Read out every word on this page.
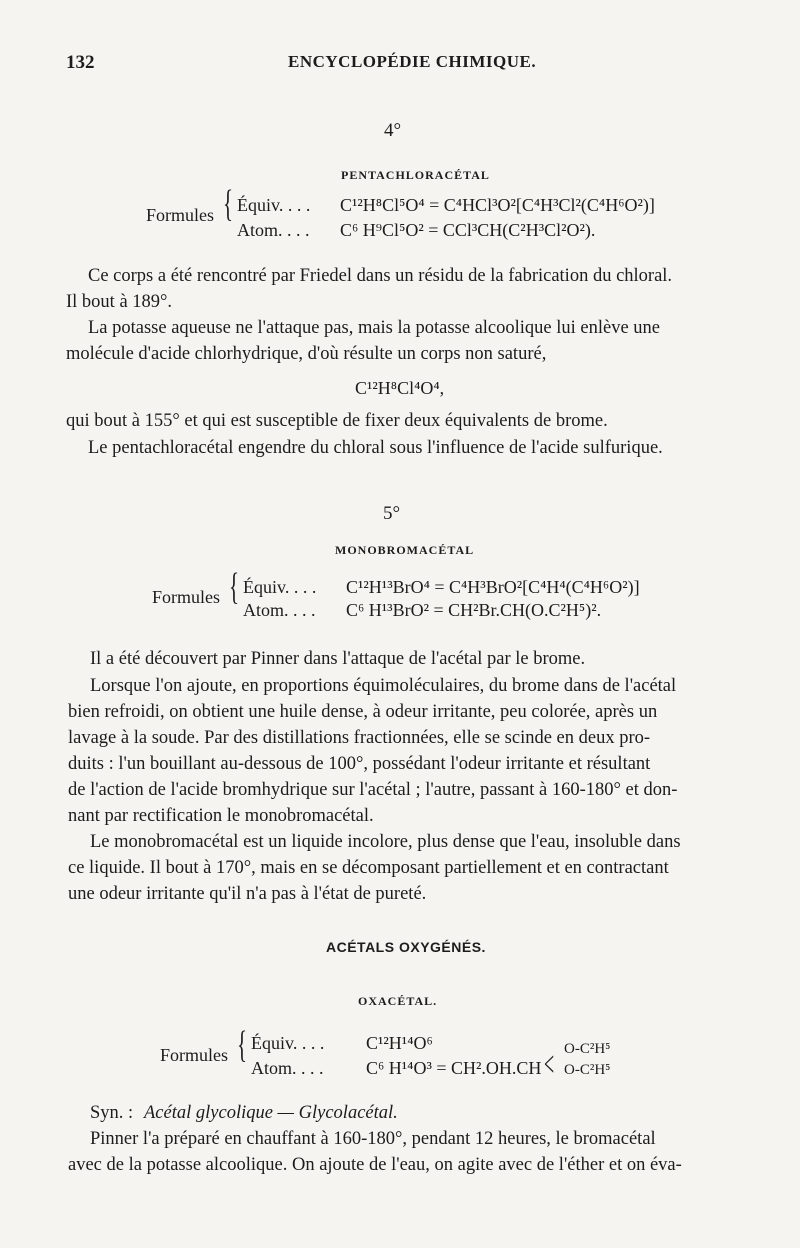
132	ENCYCLOPÉDIE CHIMIQUE.
4°
PENTACHLORACÉTAL
Formules { Équiv. . . . C¹²H⁸Cl⁵O⁴ = C⁴HCl³O²[C⁴H³Cl²(C⁴H⁶O²)]
Atom. . . . C⁶ H⁹Cl⁵O² = CCl³CH(C²H³Cl²O²).
Ce corps a été rencontré par Friedel dans un résidu de la fabrication du chloral.
Il bout à 189°.
La potasse aqueuse ne l'attaque pas, mais la potasse alcoolique lui enlève une
molécule d'acide chlorhydrique, d'où résulte un corps non saturé,
C¹²H⁸Cl⁴O⁴,
qui bout à 155° et qui est susceptible de fixer deux équivalents de brome.
Le pentachloracétal engendre du chloral sous l'influence de l'acide sulfurique.
5°
MONOBROMACÉTAL
Formules { Équiv. . . . C¹²H¹³BrO⁴ = C⁴H³BrO²[C⁴H⁴(C⁴H⁶O²)]
Atom. . . . C⁶ H¹³BrO² = CH²Br.CH(O.C²H⁵)².
Il a été découvert par Pinner dans l'attaque de l'acétal par le brome.
Lorsque l'on ajoute, en proportions équimoléculaires, du brome dans de l'acétal
bien refroidi, on obtient une huile dense, à odeur irritante, peu colorée, après un
lavage à la soude. Par des distillations fractionnées, elle se scinde en deux pro-
duits : l'un bouillant au-dessous de 100°, possédant l'odeur irritante et résultant
de l'action de l'acide bromhydrique sur l'acétal ; l'autre, passant à 160-180° et don-
nant par rectification le monobromacétal.
Le monobromacétal est un liquide incolore, plus dense que l'eau, insoluble dans
ce liquide. Il bout à 170°, mais en se décomposant partiellement et en contractant
une odeur irritante qu'il n'a pas à l'état de pureté.
ACÉTALS OXYGÉNÉS.
OXACÉTAL.
Formules { Équiv. . . . C¹²H¹⁴O⁶
Atom. . . . C⁶ H¹⁴O³ = CH².OH.CH < O-C²H⁵
O-C²H⁵
Syn. : Acétal glycolique — Glycolacétal.
Pinner l'a préparé en chauffant à 160-180°, pendant 12 heures, le bromacétal
avec de la potasse alcoolique. On ajoute de l'eau, on agite avec de l'éther et on éva-
